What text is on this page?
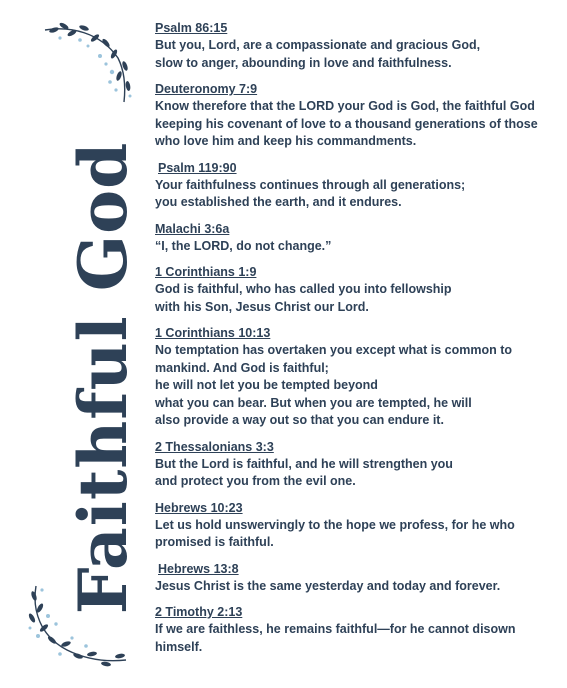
Faithful God
Psalm 86:15
But you, Lord, are a compassionate and gracious God,
slow to anger, abounding in love and faithfulness.
Deuteronomy 7:9
Know therefore that the LORD your God is God, the faithful God
keeping his covenant of love to a thousand generations of those
who love him and keep his commandments.
Psalm 119:90
Your faithfulness continues through all generations;
you established the earth, and it endures.
Malachi 3:6a
“I, the LORD, do not change.”
1 Corinthians 1:9
God is faithful, who has called you into fellowship
with his Son, Jesus Christ our Lord.
1 Corinthians 10:13
No temptation has overtaken you except what is common to
mankind. And God is faithful;
he will not let you be tempted beyond
what you can bear. But when you are tempted, he will
also provide a way out so that you can endure it.
2 Thessalonians 3:3
But the Lord is faithful, and he will strengthen you
and protect you from the evil one.
Hebrews 10:23
Let us hold unswervingly to the hope we profess, for he who
promised is faithful.
Hebrews 13:8
Jesus Christ is the same yesterday and today and forever.
2 Timothy 2:13
If we are faithless, he remains faithful—for he cannot disown
himself.
